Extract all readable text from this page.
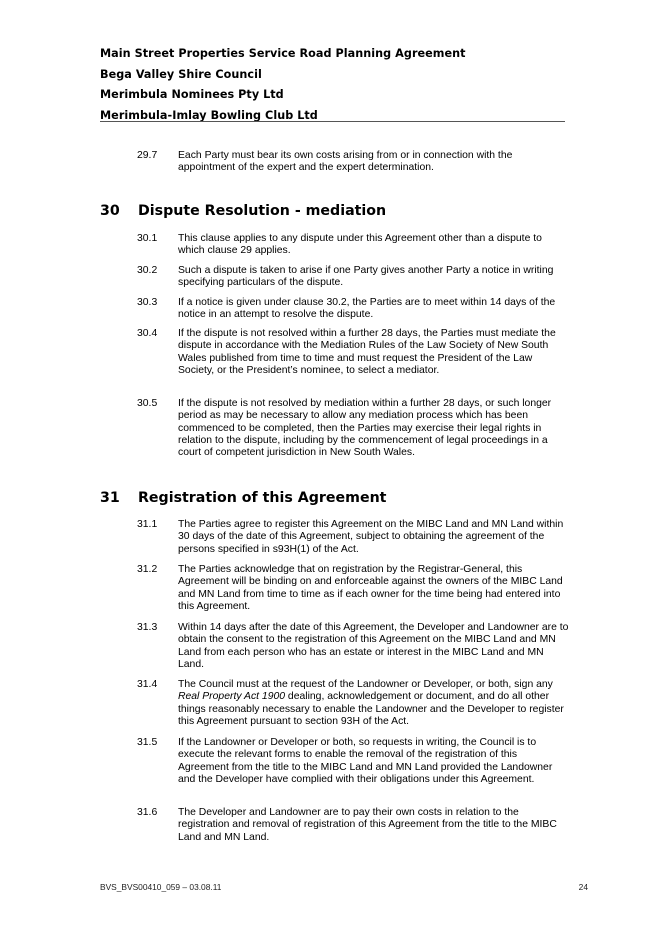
Main Street Properties Service Road Planning Agreement
Bega Valley Shire Council
Merimbula Nominees Pty Ltd
Merimbula-Imlay Bowling Club Ltd
29.7 Each Party must bear its own costs arising from or in connection with the appointment of the expert and the expert determination.
30 Dispute Resolution - mediation
30.1 This clause applies to any dispute under this Agreement other than a dispute to which clause 29 applies.
30.2 Such a dispute is taken to arise if one Party gives another Party a notice in writing specifying particulars of the dispute.
30.3 If a notice is given under clause 30.2, the Parties are to meet within 14 days of the notice in an attempt to resolve the dispute.
30.4 If the dispute is not resolved within a further 28 days, the Parties must mediate the dispute in accordance with the Mediation Rules of the Law Society of New South Wales published from time to time and must request the President of the Law Society, or the President’s nominee, to select a mediator.
30.5 If the dispute is not resolved by mediation within a further 28 days, or such longer period as may be necessary to allow any mediation process which has been commenced to be completed, then the Parties may exercise their legal rights in relation to the dispute, including by the commencement of legal proceedings in a court of competent jurisdiction in New South Wales.
31 Registration of this Agreement
31.1 The Parties agree to register this Agreement on the MIBC Land and MN Land within 30 days of the date of this Agreement, subject to obtaining the agreement of the persons specified in s93H(1) of the Act.
31.2 The Parties acknowledge that on registration by the Registrar-General, this Agreement will be binding on and enforceable against the owners of the MIBC Land and MN Land from time to time as if each owner for the time being had entered into this Agreement.
31.3 Within 14 days after the date of this Agreement, the Developer and Landowner are to obtain the consent to the registration of this Agreement on the MIBC Land and MN Land from each person who has an estate or interest in the MIBC Land and MN Land.
31.4 The Council must at the request of the Landowner or Developer, or both, sign any Real Property Act 1900 dealing, acknowledgement or document, and do all other things reasonably necessary to enable the Landowner and the Developer to register this Agreement pursuant to section 93H of the Act.
31.5 If the Landowner or Developer or both, so requests in writing, the Council is to execute the relevant forms to enable the removal of the registration of this Agreement from the title to the MIBC Land and MN Land provided the Landowner and the Developer have complied with their obligations under this Agreement.
31.6 The Developer and Landowner are to pay their own costs in relation to the registration and removal of registration of this Agreement from the title to the MIBC Land and MN Land.
BVS_BVS00410_059 – 03.08.11	24
